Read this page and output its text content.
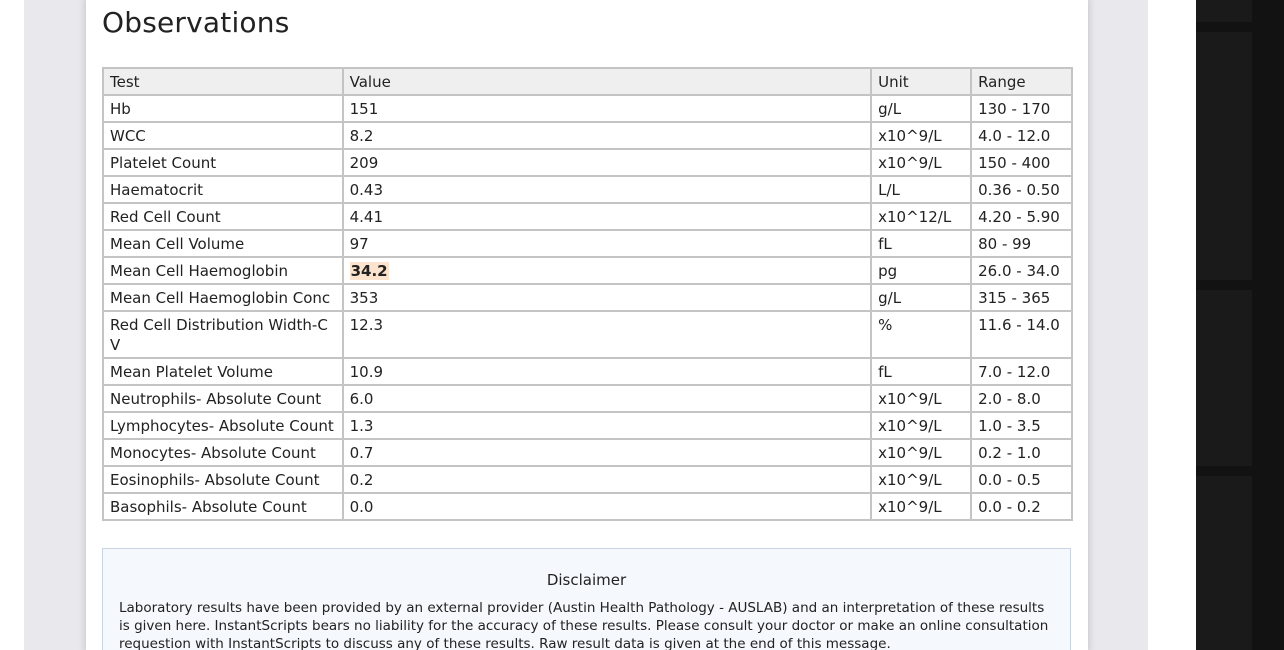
Observations
Test	Value	Unit	Range
Hb	151	g/L	130 - 170
WCC	8.2	x10^9/L	4.0 - 12.0
Platelet Count	209	x10^9/L	150 - 400
Haematocrit	0.43	L/L	0.36 - 0.50
Red Cell Count	4.41	x10^12/L	4.20 - 5.90
Mean Cell Volume	97	fL	80 - 99
Mean Cell Haemoglobin	34.2	pg	26.0 - 34.0
Mean Cell Haemoglobin Conc	353	g/L	315 - 365
Red Cell Distribution Width-C V	12.3	%	11.6 - 14.0
Mean Platelet Volume	10.9	fL	7.0 - 12.0
Neutrophils- Absolute Count	6.0	x10^9/L	2.0 - 8.0
Lymphocytes- Absolute Count	1.3	x10^9/L	1.0 - 3.5
Monocytes- Absolute Count	0.7	x10^9/L	0.2 - 1.0
Eosinophils- Absolute Count	0.2	x10^9/L	0.0 - 0.5
Basophils- Absolute Count	0.0	x10^9/L	0.0 - 0.2
Disclaimer
Laboratory results have been provided by an external provider (Austin Health Pathology - AUSLAB) and an interpretation of these results is given here. InstantScripts bears no liability for the accuracy of these results. Please consult your doctor or make an online consultation requestion with InstantScripts to discuss any of these results. Raw result data is given at the end of this message.
